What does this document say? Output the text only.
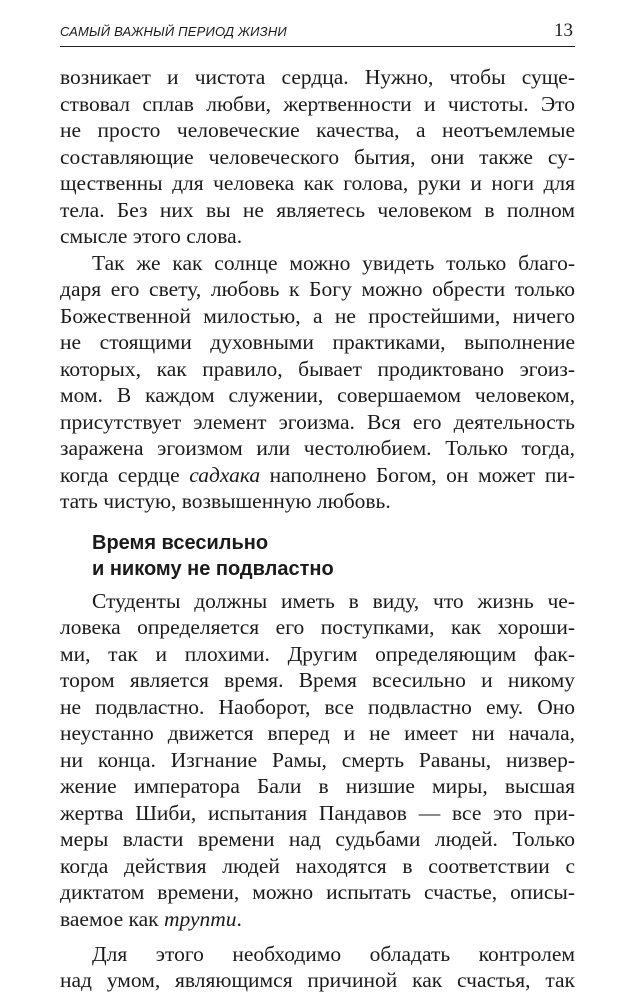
САМЫЙ ВАЖНЫЙ ПЕРИОД ЖИЗНИ	13
возникает и чистота сердца. Нужно, чтобы суще-
ствовал сплав любви, жертвенности и чистоты. Это
не просто человеческие качества, а неотъемлемые
составляющие человеческого бытия, они также су-
щественны для человека как голова, руки и ноги для
тела. Без них вы не являетесь человеком в полном
смысле этого слова.
Так же как солнце можно увидеть только благо-
даря его свету, любовь к Богу можно обрести только
Божественной милостью, а не простейшими, ничего
не стоящими духовными практиками, выполнение
которых, как правило, бывает продиктовано эгоиз-
мом. В каждом служении, совершаемом человеком,
присутствует элемент эгоизма. Вся его деятельность
заражена эгоизмом или честолюбием. Только тогда,
когда сердце садхака наполнено Богом, он может пи-
тать чистую, возвышенную любовь.
Время всесильно
и никому не подвластно
Студенты должны иметь в виду, что жизнь че-
ловека определяется его поступками, как хороши-
ми, так и плохими. Другим определяющим фак-
тором является время. Время всесильно и никому
не подвластно. Наоборот, все подвластно ему. Оно
неустанно движется вперед и не имеет ни начала,
ни конца. Изгнание Рамы, смерть Раваны, низвер-
жение императора Бали в низшие миры, высшая
жертва Шиби, испытания Пандавов — все это при-
меры власти времени над судьбами людей. Только
когда действия людей находятся в соответствии с
диктатом времени, можно испытать счастье, описы-
ваемое как трупти.
Для этого необходимо обладать контролем
над умом, являющимся причиной как счастья, так
